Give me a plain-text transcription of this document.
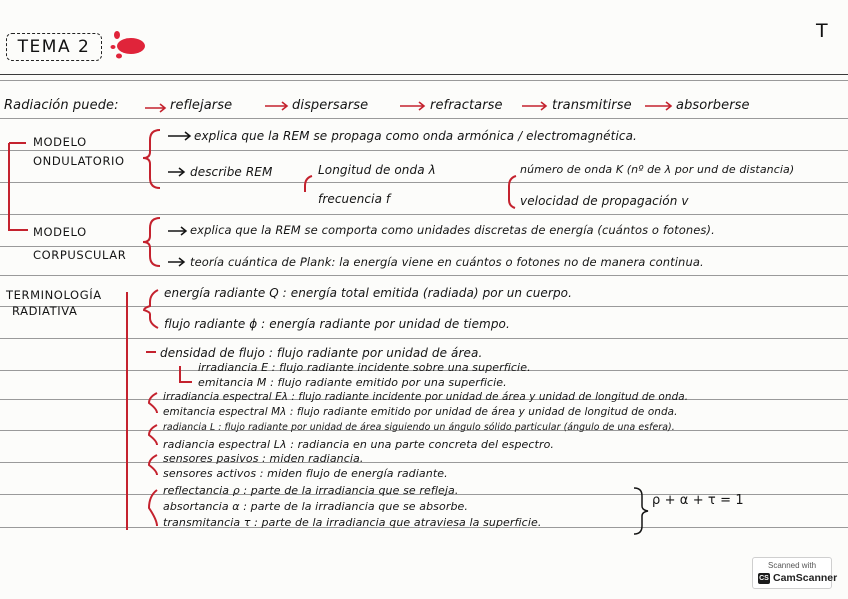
TEMA 2
T
Radiación puede:	reflejarse	dispersarse	refractarse	transmitirse	absorberse
MODELO
ONDULATORIO
explica que la REM se propaga como onda armónica / electromagnética.
describe REM	Longitud de onda λ
frecuencia f
número de onda K (nº de λ por und de distancia)
velocidad de propagación v
MODELO
CORPUSCULAR
explica que la REM se comporta como unidades discretas de energía (cuántos o fotones).
teoría cuántica de Plank: la energía viene en cuántos o fotones no de manera continua.
TERMINOLOGÍA
RADIATIVA
energía radiante Q : energía total emitida (radiada) por un cuerpo.
flujo radiante ϕ : energía radiante por unidad de tiempo.
densidad de flujo : flujo radiante por unidad de área.
irradiancia E : flujo radiante incidente sobre una superficie.
emitancia M : flujo radiante emitido por una superficie.
irradiancia espectral Eλ : flujo radiante incidente por unidad de área y unidad de longitud de onda.
emitancia espectral Mλ : flujo radiante emitido por unidad de área y unidad de longitud de onda.
radiancia L : flujo radiante por unidad de área siguiendo un ángulo sólido particular (ángulo de una esfera).
radiancia espectral Lλ : radiancia en una parte concreta del espectro.
sensores pasivos : miden radiancia.
sensores activos : miden flujo de energía radiante.
reflectancia ρ : parte de la irradiancia que se refleja.
absortancia α : parte de la irradiancia que se absorbe.
transmitancia τ : parte de la irradiancia que atraviesa la superficie.
ρ + α + τ = 1
Scanned with
CS CamScanner
